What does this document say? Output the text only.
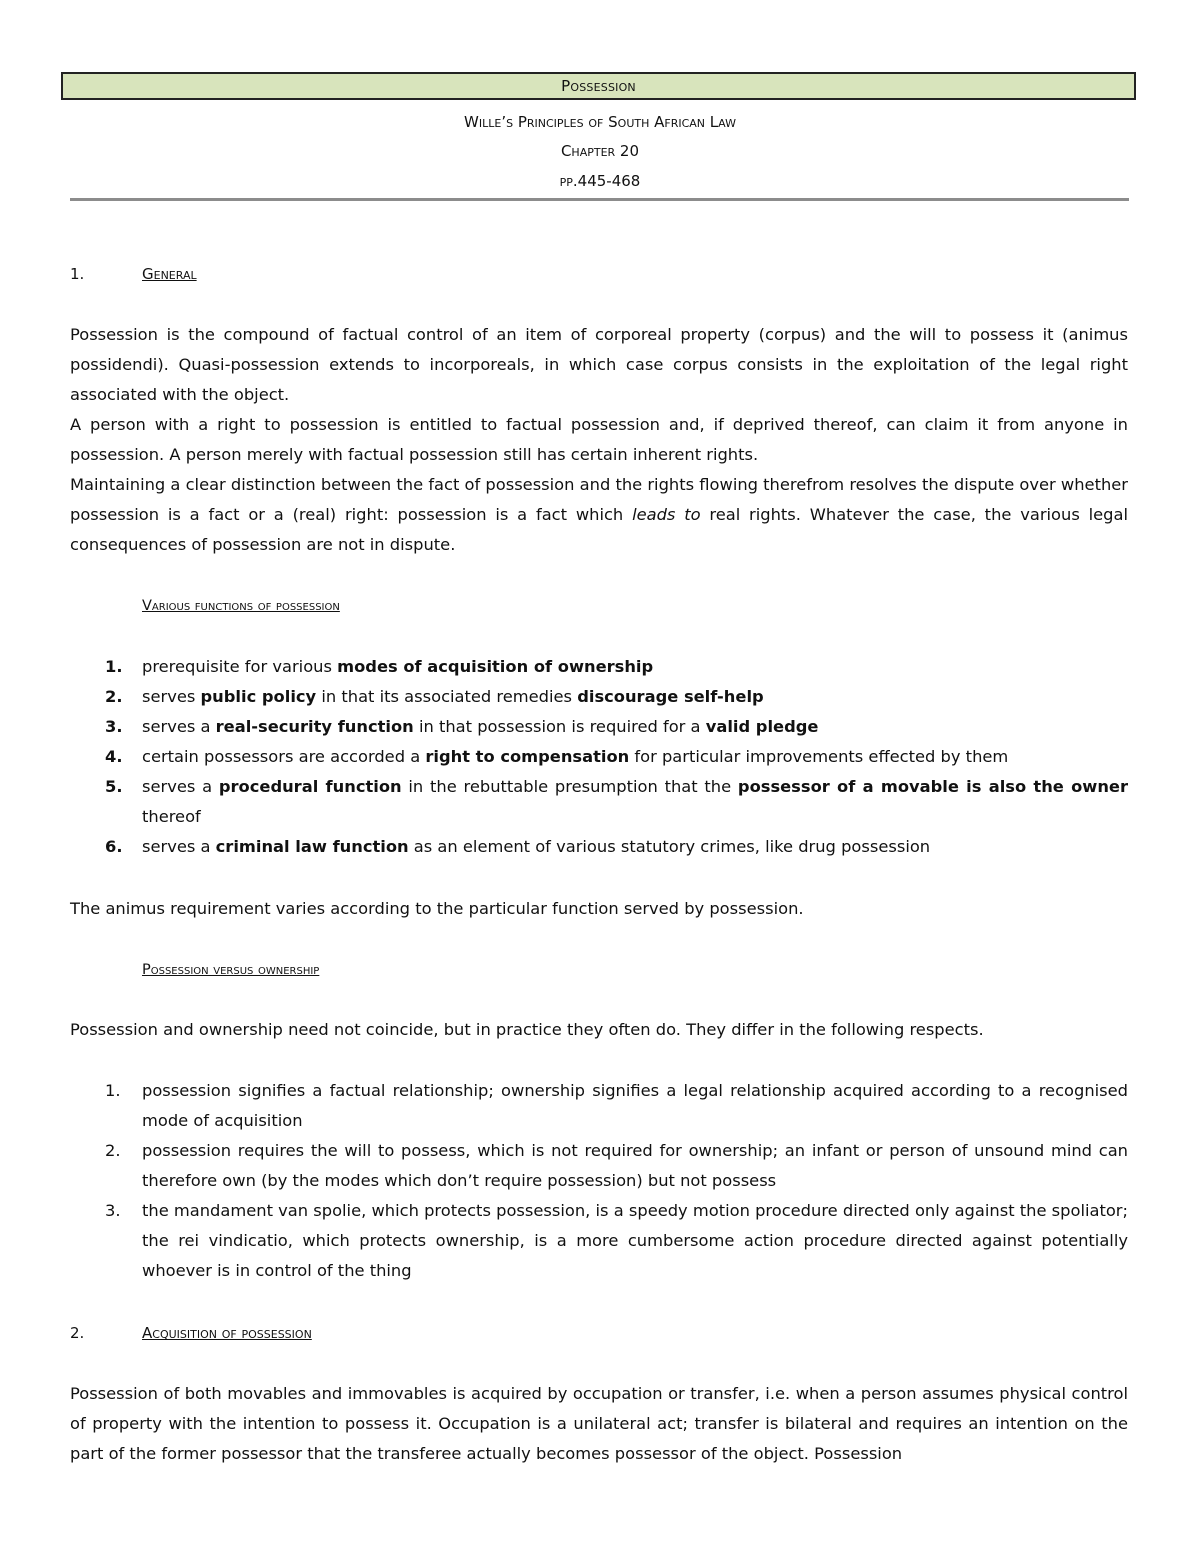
Possession
Wille’s Principles of South African Law
Chapter 20
pp.445-468
1.	General

Possession is the compound of factual control of an item of corporeal property (corpus) and the will to possess it (animus possidendi). Quasi-possession extends to incorporeals, in which case corpus consists in the exploitation of the legal right associated with the object.

A person with a right to possession is entitled to factual possession and, if deprived thereof, can claim it from anyone in possession. A person merely with factual possession still has certain inherent rights.

Maintaining a clear distinction between the fact of possession and the rights flowing therefrom resolves the dispute over whether possession is a fact or a (real) right: possession is a fact which leads to real rights. Whatever the case, the various legal consequences of possession are not in dispute.

Various functions of possession
1. prerequisite for various modes of acquisition of ownership
2. serves public policy in that its associated remedies discourage self-help
3. serves a real-security function in that possession is required for a valid pledge
4. certain possessors are accorded a right to compensation for particular improvements effected by them
5. serves a procedural function in the rebuttable presumption that the possessor of a movable is also the owner thereof
6. serves a criminal law function as an element of various statutory crimes, like drug possession

The animus requirement varies according to the particular function served by possession.

Possession versus ownership

Possession and ownership need not coincide, but in practice they often do. They differ in the following respects.

1. possession signifies a factual relationship; ownership signifies a legal relationship acquired according to a recognised mode of acquisition
2. possession requires the will to possess, which is not required for ownership; an infant or person of unsound mind can therefore own (by the modes which don’t require possession) but not possess
3. the mandament van spolie, which protects possession, is a speedy motion procedure directed only against the spoliator; the rei vindicatio, which protects ownership, is a more cumbersome action procedure directed against potentially whoever is in control of the thing
2.	Acquisition of possession

Possession of both movables and immovables is acquired by occupation or transfer, i.e. when a person assumes physical control of property with the intention to possess it. Occupation is a unilateral act; transfer is bilateral and requires an intention on the part of the former possessor that the transferee actually becomes possessor of the object. Possession
